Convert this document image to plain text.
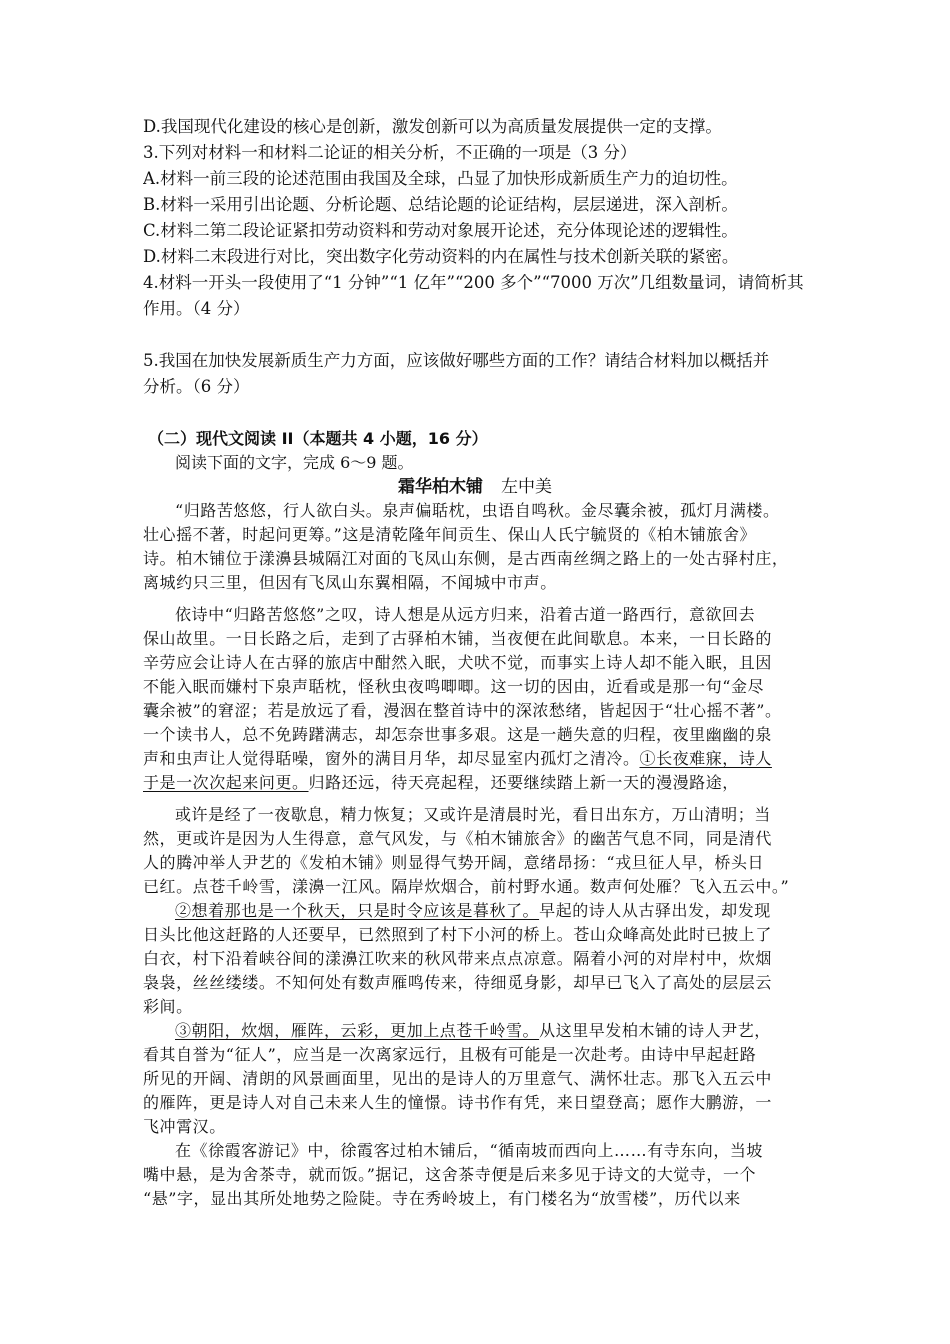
D.我国现代化建设的核心是创新，激发创新可以为高质量发展提供一定的支撑。
3.下列对材料一和材料二论证的相关分析，不正确的一项是（3 分）
A.材料一前三段的论述范围由我国及全球，凸显了加快形成新质生产力的迫切性。
B.材料一采用引出论题、分析论题、总结论题的论证结构，层层递进，深入剖析。
C.材料二第二段论证紧扣劳动资料和劳动对象展开论述，充分体现论述的逻辑性。
D.材料二末段进行对比，突出数字化劳动资料的内在属性与技术创新关联的紧密。
4.材料一开头一段使用了“1 分钟”“1 亿年”“200 多个”“7000 万次”几组数量词，请简析其
作用。（4 分）
5.我国在加快发展新质生产力方面，应该做好哪些方面的工作？请结合材料加以概括并
分析。（6 分）
（二）现代文阅读 II（本题共 4 小题，16 分）
阅读下面的文字，完成 6～9 题。
霜华柏木铺 左中美
“归路苦悠悠，行人欲白头。泉声偏聒枕，虫语自鸣秋。金尽囊余被，孤灯月满楼。
壮心摇不著，时起问更筹。”这是清乾隆年间贡生、保山人氏宁毓贤的《柏木铺旅舍》
诗。柏木铺位于漾濞县城隔江对面的飞凤山东侧，是古西南丝绸之路上的一处古驿村庄，
离城约只三里，但因有飞凤山东翼相隔，不闻城中市声。
依诗中“归路苦悠悠”之叹，诗人想是从远方归来，沿着古道一路西行，意欲回去
保山故里。一日长路之后，走到了古驿柏木铺，当夜便在此间歇息。本来，一日长路的
辛劳应会让诗人在古驿的旅店中酣然入眠，犬吠不觉，而事实上诗人却不能入眠，且因
不能入眠而嫌村下泉声聒枕，怪秋虫夜鸣唧唧。这一切的因由，近看或是那一句“金尽
囊余被”的窘涩；若是放远了看，漫洇在整首诗中的深浓愁绪，皆起因于“壮心摇不著”。
一个读书人，总不免踌躇满志，却怎奈世事多艰。这是一趟失意的归程，夜里幽幽的泉
声和虫声让人觉得聒噪，窗外的满目月华，却尽显室内孤灯之清冷。①长夜难寐，诗人
于是一次次起来问更。归路还远，待天亮起程，还要继续踏上新一天的漫漫路途，
或许是经了一夜歇息，精力恢复；又或许是清晨时光，看日出东方，万山清明；当
然，更或许是因为人生得意，意气风发，与《柏木铺旅舍》的幽苦气息不同，同是清代
人的腾冲举人尹艺的《发柏木铺》则显得气势开阔，意绪昂扬：“戎旦征人早，桥头日
已红。点苍千岭雪，漾濞一江风。隔岸炊烟合，前村野水通。数声何处雁？飞入五云中。”
②想着那也是一个秋天，只是时令应该是暮秋了。早起的诗人从古驿出发，却发现
日头比他这赶路的人还要早，已然照到了村下小河的桥上。苍山众峰高处此时已披上了
白衣，村下沿着峡谷间的漾濞江吹来的秋风带来点点凉意。隔着小河的对岸村中，炊烟
袅袅，丝丝缕缕。不知何处有数声雁鸣传来，待细觅身影，却早已飞入了高处的层层云
彩间。
③朝阳，炊烟，雁阵，云彩，更加上点苍千岭雪。从这里早发柏木铺的诗人尹艺，
看其自誉为“征人”，应当是一次离家远行，且极有可能是一次赴考。由诗中早起赶路
所见的开阔、清朗的风景画面里，见出的是诗人的万里意气、满怀壮志。那飞入五云中
的雁阵，更是诗人对自己未来人生的憧憬。诗书作有凭，来日望登高；愿作大鹏游，一
飞冲霄汉。
在《徐霞客游记》中，徐霞客过柏木铺后，“循南坡而西向上……有寺东向，当坡
嘴中悬，是为舍茶寺，就而饭。”据记，这舍茶寺便是后来多见于诗文的大觉寺，一个
“悬”字，显出其所处地势之险陡。寺在秀岭坡上，有门楼名为“放雪楼”，历代以来
